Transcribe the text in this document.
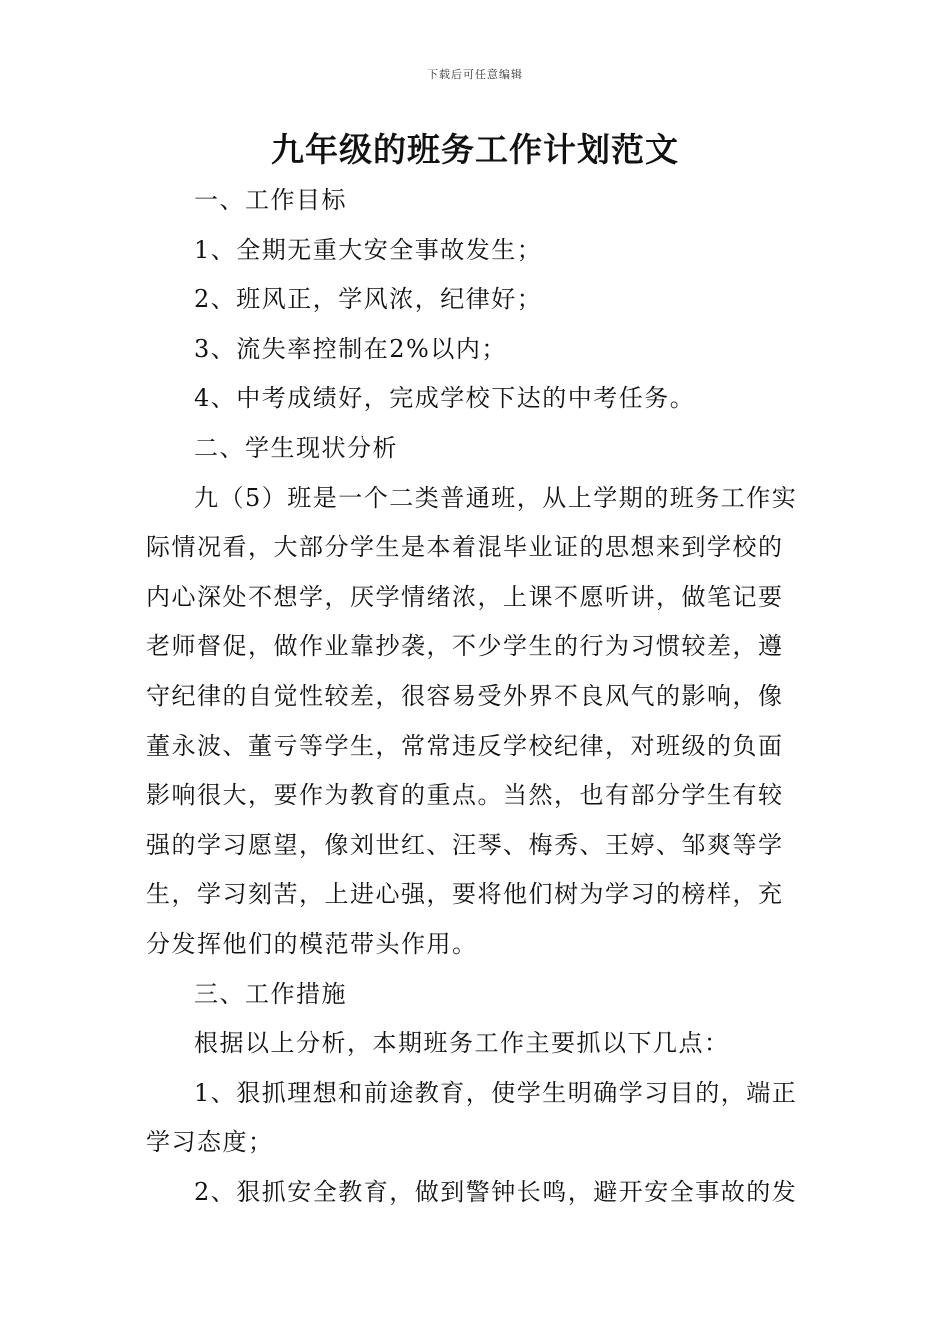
下载后可任意编辑
九年级的班务工作计划范文

一、工作目标

1、全期无重大安全事故发生；

2、班风正，学风浓，纪律好；

3、流失率控制在2%以内；

4、中考成绩好，完成学校下达的中考任务。

二、学生现状分析

九（5）班是一个二类普通班，从上学期的班务工作实际情况看，大部分学生是本着混毕业证的思想来到学校的内心深处不想学，厌学情绪浓，上课不愿听讲，做笔记要老师督促，做作业靠抄袭，不少学生的行为习惯较差，遵守纪律的自觉性较差，很容易受外界不良风气的影响，像董永波、董亏等学生，常常违反学校纪律，对班级的负面影响很大，要作为教育的重点。当然，也有部分学生有较强的学习愿望，像刘世红、汪琴、梅秀、王婷、邹爽等学生，学习刻苦，上进心强，要将他们树为学习的榜样，充分发挥他们的模范带头作用。

三、工作措施

根据以上分析，本期班务工作主要抓以下几点：

1、狠抓理想和前途教育，使学生明确学习目的，端正学习态度；

2、狠抓安全教育，做到警钟长鸣，避开安全事故的发
